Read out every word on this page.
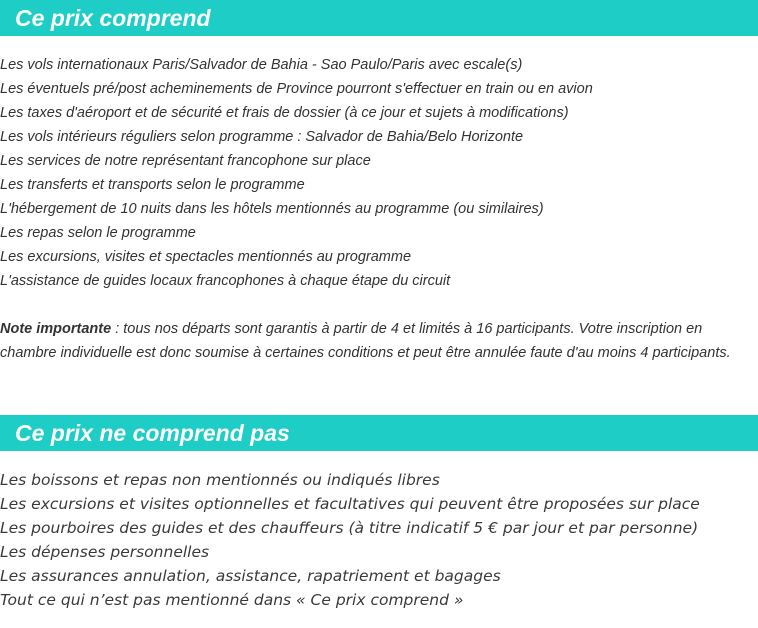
Ce prix comprend
Les vols internationaux Paris/Salvador de Bahia - Sao Paulo/Paris avec escale(s)
Les éventuels pré/post acheminements de Province pourront s'effectuer en train ou en avion
Les taxes d'aéroport et de sécurité et frais de dossier (à ce jour et sujets à modifications)
Les vols intérieurs réguliers selon programme : Salvador de Bahia/Belo Horizonte
Les services de notre représentant francophone sur place
Les transferts et transports selon le programme
L'hébergement de 10 nuits dans les hôtels mentionnés au programme (ou similaires)
Les repas selon le programme
Les excursions, visites et spectacles mentionnés au programme
L'assistance de guides locaux francophones à chaque étape du circuit

Note importante : tous nos départs sont garantis à partir de 4 et limités à 16 participants. Votre inscription en chambre individuelle est donc soumise à certaines conditions et peut être annulée faute d'au moins 4 participants.

Ce prix ne comprend pas
Les boissons et repas non mentionnés ou indiqués libres
Les excursions et visites optionnelles et facultatives qui peuvent être proposées sur place
Les pourboires des guides et des chauffeurs (à titre indicatif 5 € par jour et par personne)
Les dépenses personnelles
Les assurances annulation, assistance, rapatriement et bagages
Tout ce qui n’est pas mentionné dans « Ce prix comprend »
